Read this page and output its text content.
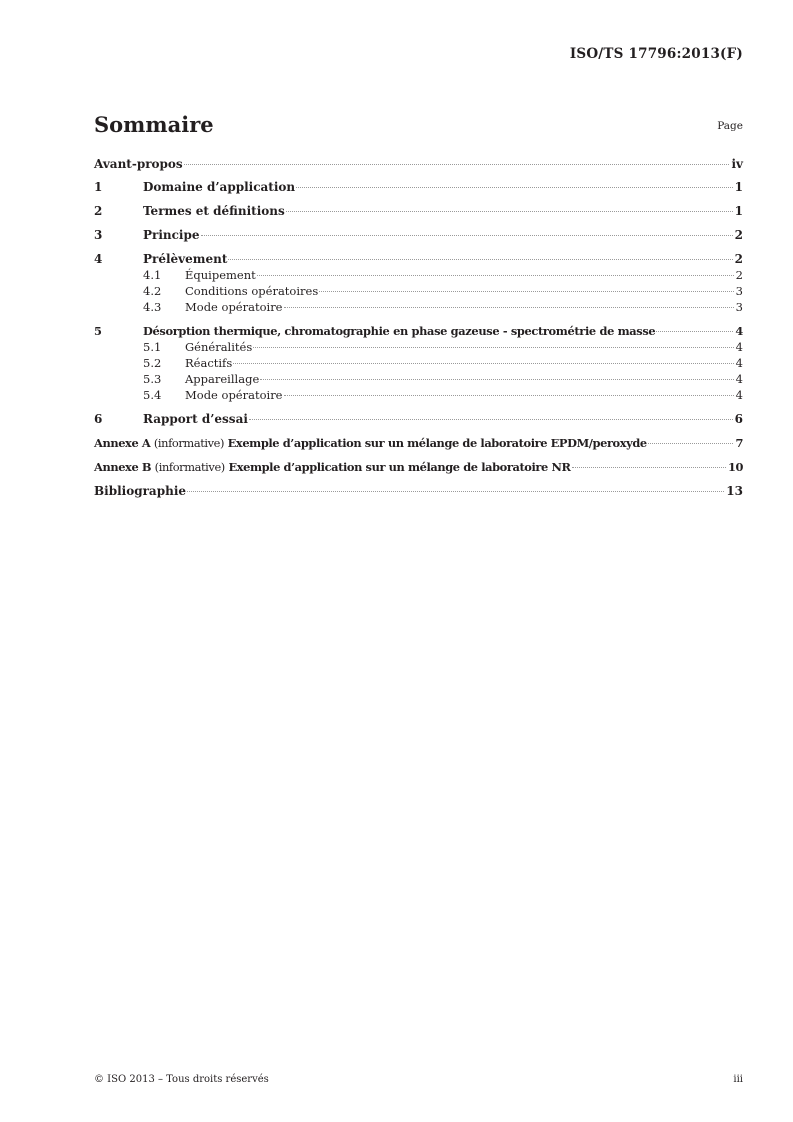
ISO/TS 17796:2013(F)
Sommaire	Page
Avant-propos	iv
1	Domaine d’application	1
2	Termes et définitions	1
3	Principe	2
4	Prélèvement	2
4.1	Équipement	2
4.2	Conditions opératoires	3
4.3	Mode opératoire	3
5	Désorption thermique, chromatographie en phase gazeuse - spectrométrie de masse	4
5.1	Généralités	4
5.2	Réactifs	4
5.3	Appareillage	4
5.4	Mode opératoire	4
6	Rapport d’essai	6
Annexe A (informative) Exemple d’application sur un mélange de laboratoire EPDM/peroxyde	7
Annexe B (informative) Exemple d’application sur un mélange de laboratoire NR	10
Bibliographie	13
© ISO 2013 – Tous droits réservés	iii
